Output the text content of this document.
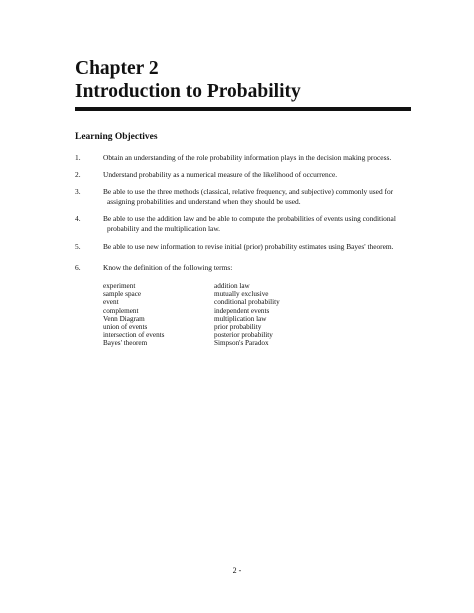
Chapter 2
Introduction to Probability
Learning Objectives
1.	Obtain an understanding of the role probability information plays in the decision making process.
2.	Understand probability as a numerical measure of the likelihood of occurrence.
3.	Be able to use the three methods (classical, relative frequency, and subjective) commonly used for
assigning probabilities and understand when they should be used.
4.	Be able to use the addition law and be able to compute the probabilities of events using conditional
probability and the multiplication law.
5.	Be able to use new information to revise initial (prior) probability estimates using Bayes' theorem.
6.	Know the definition of the following terms:
experiment
sample space
event
complement
Venn Diagram
union of events
intersection of events
Bayes' theorem
addition law
mutually exclusive
conditional probability
independent events
multiplication law
prior probability
posterior probability
Simpson's Paradox
2 -
